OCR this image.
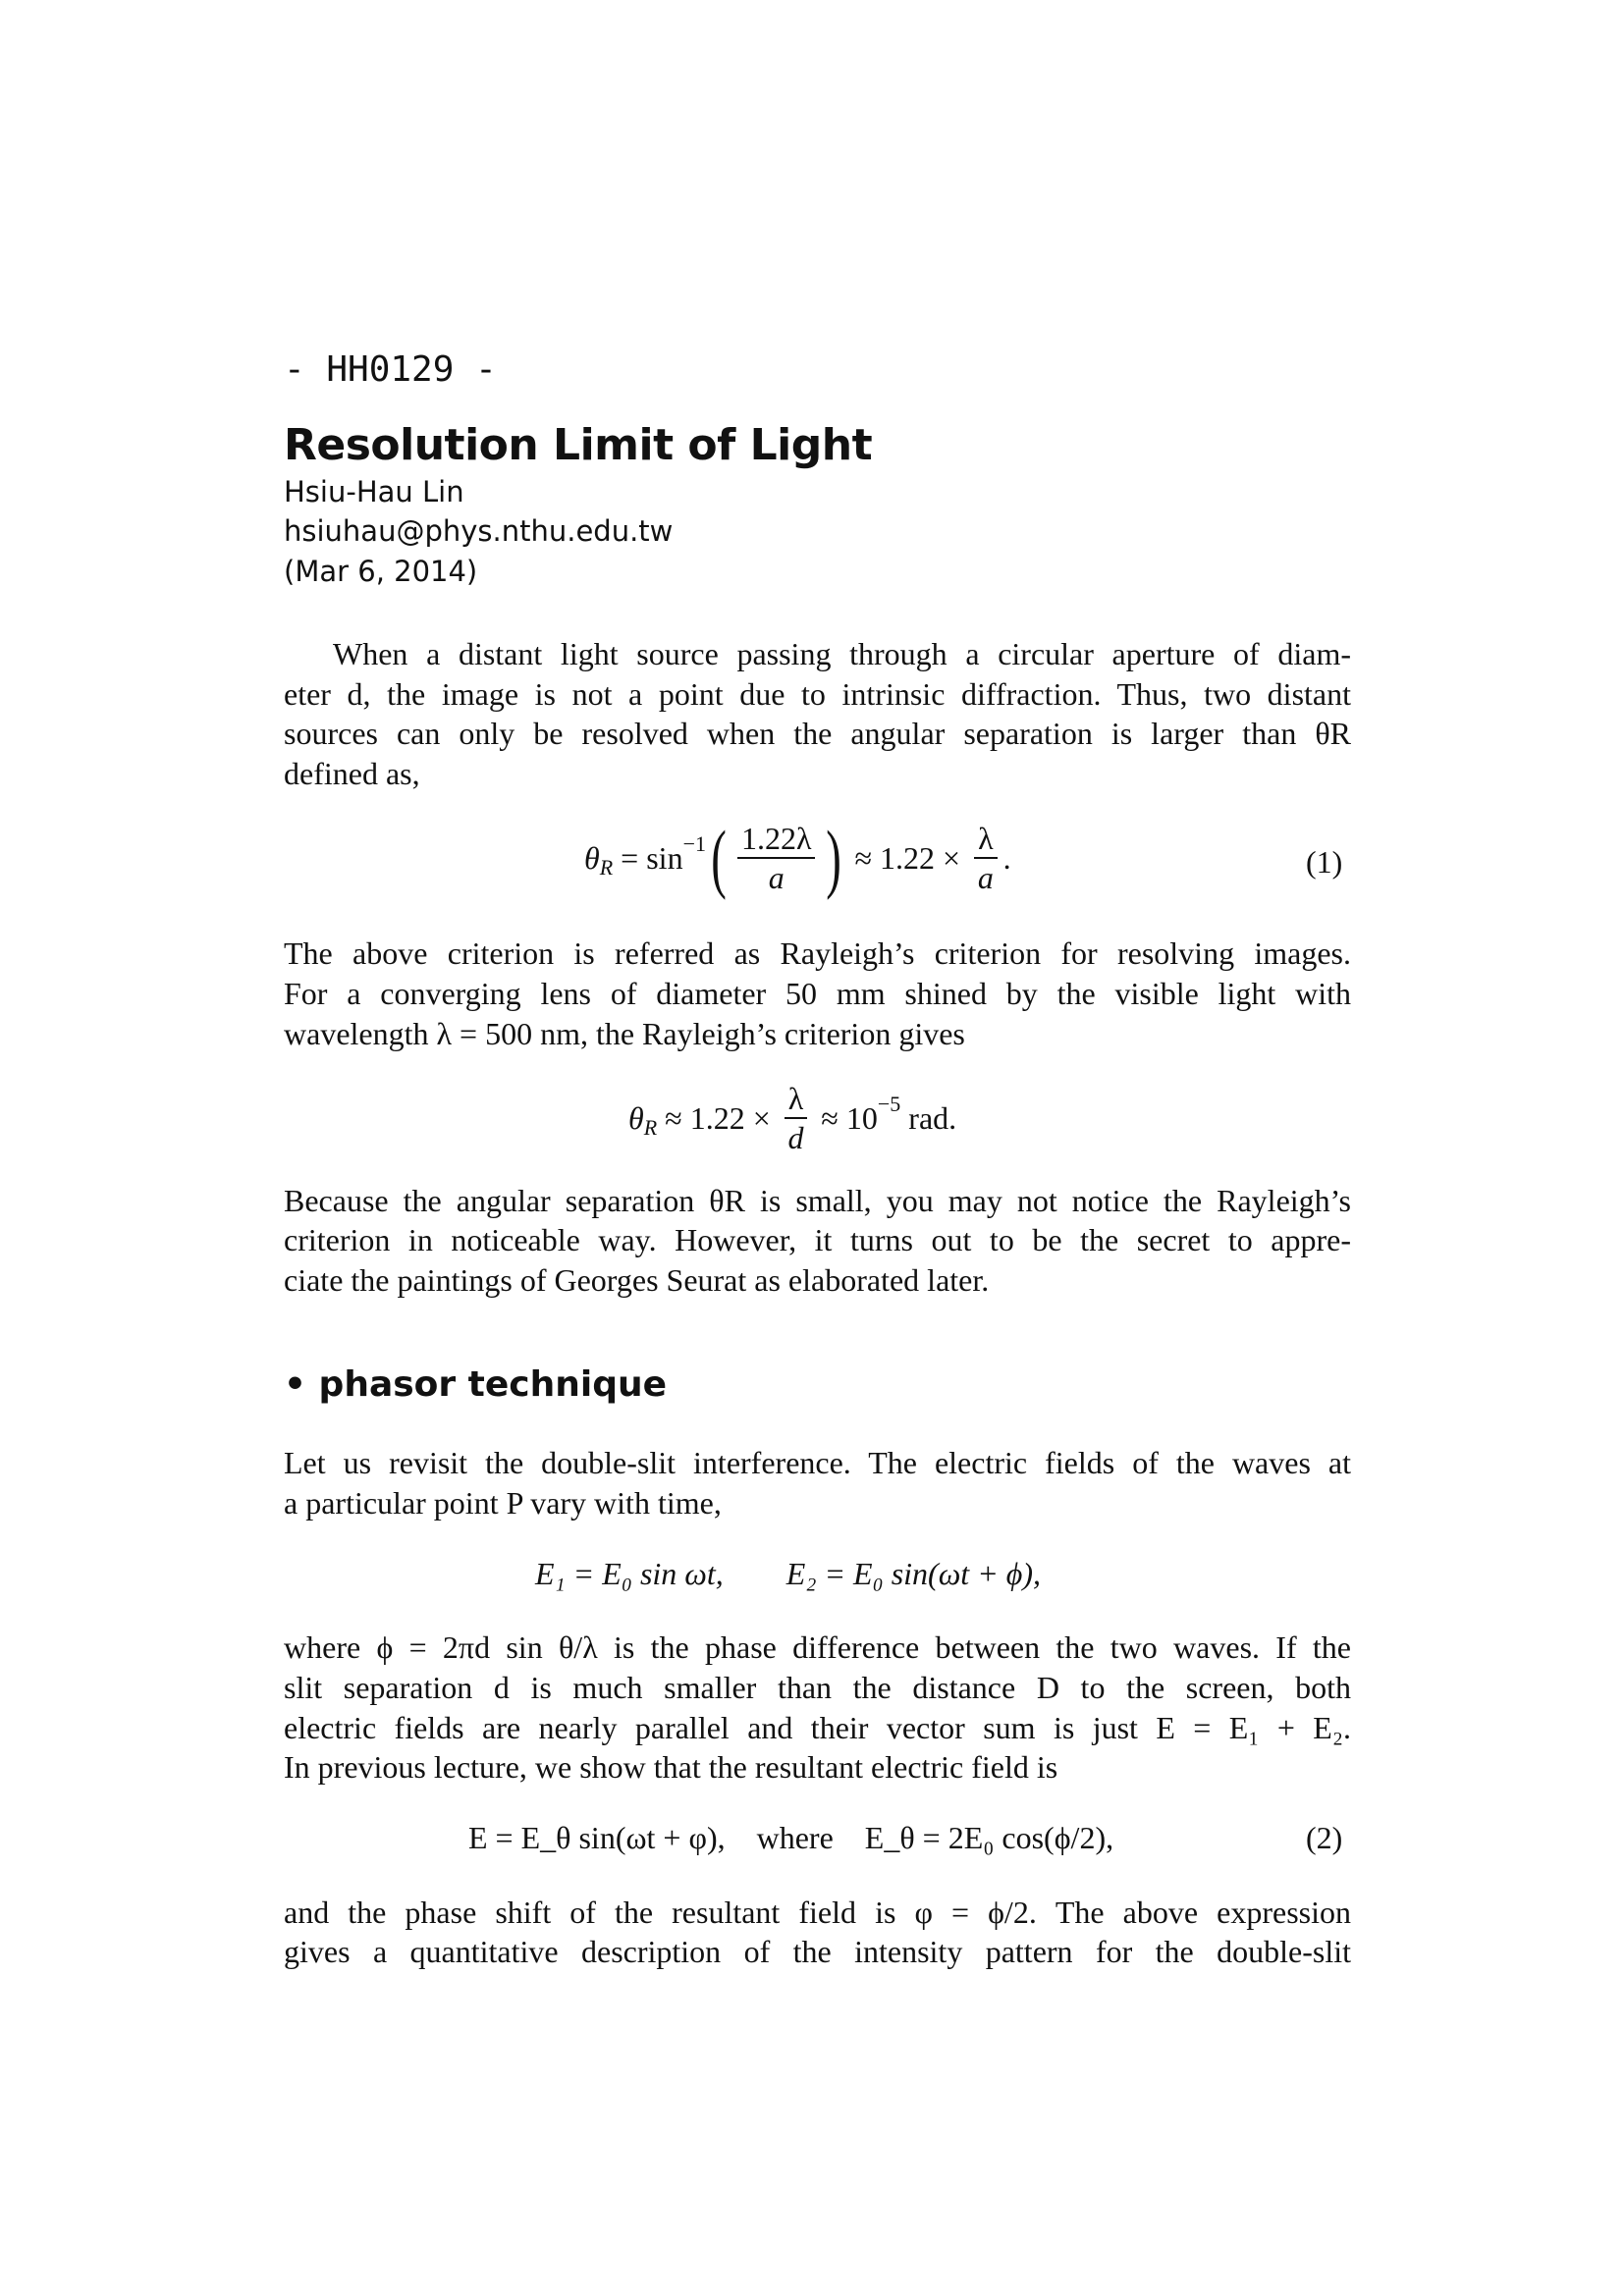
- HH0129 -
Resolution Limit of Light
Hsiu-Hau Lin
hsiuhau@phys.nthu.edu.tw
(Mar 6, 2014)
When a distant light source passing through a circular aperture of diam-
eter d, the image is not a point due to intrinsic diffraction. Thus, two distant
sources can only be resolved when the angular separation is larger than θR
defined as,
The above criterion is referred as Rayleigh’s criterion for resolving images.
For a converging lens of diameter 50 mm shined by the visible light with
wavelength λ = 500 nm, the Rayleigh’s criterion gives
Because the angular separation θR is small, you may not notice the Rayleigh’s
criterion in noticeable way. However, it turns out to be the secret to appre-
ciate the paintings of Georges Seurat as elaborated later.
Let us revisit the double-slit interference. The electric fields of the waves at
a particular point P vary with time,
where ϕ = 2πd sin θ/λ is the phase difference between the two waves. If the
slit separation d is much smaller than the distance D to the screen, both
electric fields are nearly parallel and their vector sum is just E = E₁ + E₂.
In previous lecture, we show that the resultant electric field is
and the phase shift of the resultant field is φ = ϕ/2. The above expression
gives a quantitative description of the intensity pattern for the double-slit
θ R = sin −1 ( $\frac{1.22\lambda}{a}$ ) ≈ $1.22 \times \frac{\lambda}{a}$ .	(1)
θ $R \approx 1.22 \times \frac{\lambda}{d} \approx 10 -5$ rad.
• phasor technique
E₁ = E₀ sin ωt,        E₂ = E₀ sin(ωt + ϕ),
E = E_θ sin(ωt + φ),    where    E_θ = 2E₀ cos(ϕ/2),	(2)
